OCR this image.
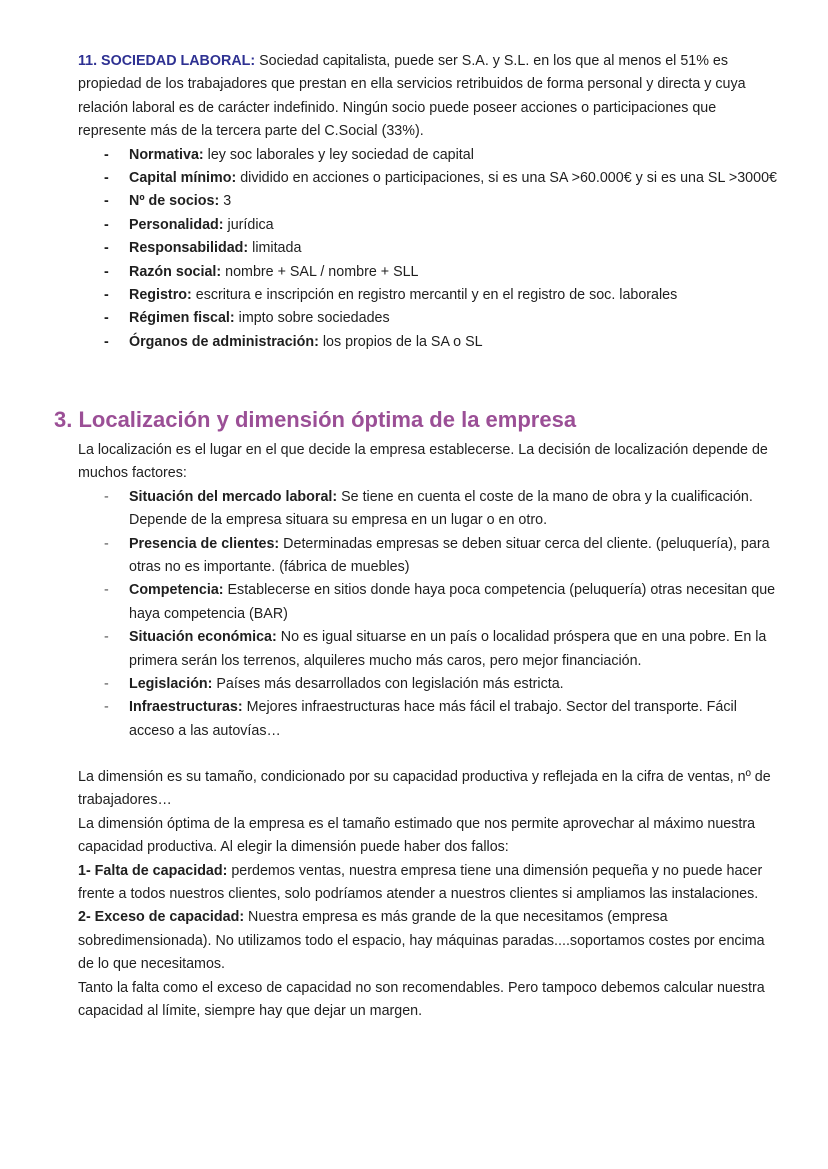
11. SOCIEDAD LABORAL: Sociedad capitalista, puede ser S.A. y S.L. en los que al menos el 51% es propiedad de los trabajadores que prestan en ella servicios retribuidos de forma personal y directa y cuya relación laboral es de carácter indefinido. Ningún socio puede poseer acciones o participaciones que represente más de la tercera parte del C.Social (33%).

- Normativa: ley soc laborales y ley sociedad de capital
- Capital mínimo: dividido en acciones o participaciones, si es una SA >60.000€ y si es una SL >3000€
- Nº de socios: 3
- Personalidad: jurídica
- Responsabilidad: limitada
- Razón social: nombre + SAL / nombre + SLL
- Registro: escritura e inscripción en registro mercantil y en el registro de soc. laborales
- Régimen fiscal: impto sobre sociedades
- Órganos de administración: los propios de la SA o SL
3. Localización y dimensión óptima de la empresa

La localización es el lugar en el que decide la empresa establecerse. La decisión de localización depende de muchos factores:

- Situación del mercado laboral: Se tiene en cuenta el coste de la mano de obra y la cualificación. Depende de la empresa situara su empresa en un lugar o en otro.
- Presencia de clientes: Determinadas empresas se deben situar cerca del cliente. (peluquería), para otras no es importante. (fábrica de muebles)
- Competencia: Establecerse en sitios donde haya poca competencia (peluquería) otras necesitan que haya competencia (BAR)
- Situación económica: No es igual situarse en un país o localidad próspera que en una pobre. En la primera serán los terrenos, alquileres mucho más caros, pero mejor financiación.
- Legislación: Países más desarrollados con legislación más estricta.
- Infraestructuras: Mejores infraestructuras hace más fácil el trabajo. Sector del transporte. Fácil acceso a las autovías…

La dimensión es su tamaño, condicionado por su capacidad productiva y reflejada en la cifra de ventas, nº de trabajadores…

La dimensión óptima de la empresa es el tamaño estimado que nos permite aprovechar al máximo nuestra capacidad productiva. Al elegir la dimensión puede haber dos fallos:

1- Falta de capacidad: perdemos ventas, nuestra empresa tiene una dimensión pequeña y no puede hacer frente a todos nuestros clientes, solo podríamos atender a nuestros clientes si ampliamos las instalaciones.

2- Exceso de capacidad: Nuestra empresa es más grande de la que necesitamos (empresa sobredimensionada). No utilizamos todo el espacio, hay máquinas paradas....soportamos costes por encima de lo que necesitamos.

Tanto la falta como el exceso de capacidad no son recomendables. Pero tampoco debemos calcular nuestra capacidad al límite, siempre hay que dejar un margen.
